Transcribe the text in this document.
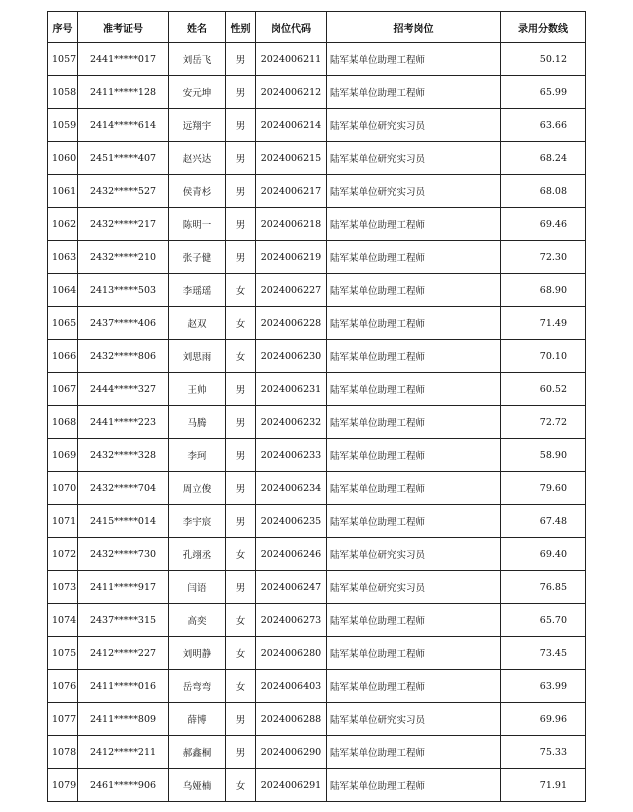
序号	准考证号	姓名	性别	岗位代码	招考岗位	录用分数线
1057	2441*****017	刘岳飞	男	2024006211	陆军某单位助理工程师	50.12
1058	2411*****128	安元坤	男	2024006212	陆军某单位助理工程师	65.99
1059	2414*****614	远翔宇	男	2024006214	陆军某单位研究实习员	63.66
1060	2451*****407	赵兴达	男	2024006215	陆军某单位研究实习员	68.24
1061	2432*****527	侯青杉	男	2024006217	陆军某单位研究实习员	68.08
1062	2432*****217	陈明一	男	2024006218	陆军某单位助理工程师	69.46
1063	2432*****210	张子健	男	2024006219	陆军某单位助理工程师	72.30
1064	2413*****503	李瑶瑶	女	2024006227	陆军某单位助理工程师	68.90
1065	2437*****406	赵双	女	2024006228	陆军某单位助理工程师	71.49
1066	2432*****806	刘思雨	女	2024006230	陆军某单位助理工程师	70.10
1067	2444*****327	王帅	男	2024006231	陆军某单位助理工程师	60.52
1068	2441*****223	马腾	男	2024006232	陆军某单位助理工程师	72.72
1069	2432*****328	李珂	男	2024006233	陆军某单位助理工程师	58.90
1070	2432*****704	周立俊	男	2024006234	陆军某单位助理工程师	79.60
1071	2415*****014	李宇宸	男	2024006235	陆军某单位助理工程师	67.48
1072	2432*****730	孔翊丞	女	2024006246	陆军某单位研究实习员	69.40
1073	2411*****917	闫语	男	2024006247	陆军某单位研究实习员	76.85
1074	2437*****315	高奕	女	2024006273	陆军某单位助理工程师	65.70
1075	2412*****227	刘明静	女	2024006280	陆军某单位助理工程师	73.45
1076	2411*****016	岳弯弯	女	2024006403	陆军某单位助理工程师	63.99
1077	2411*****809	薛博	男	2024006288	陆军某单位研究实习员	69.96
1078	2412*****211	郝鑫桐	男	2024006290	陆军某单位助理工程师	75.33
1079	2461*****906	乌娅楠	女	2024006291	陆军某单位助理工程师	71.91
